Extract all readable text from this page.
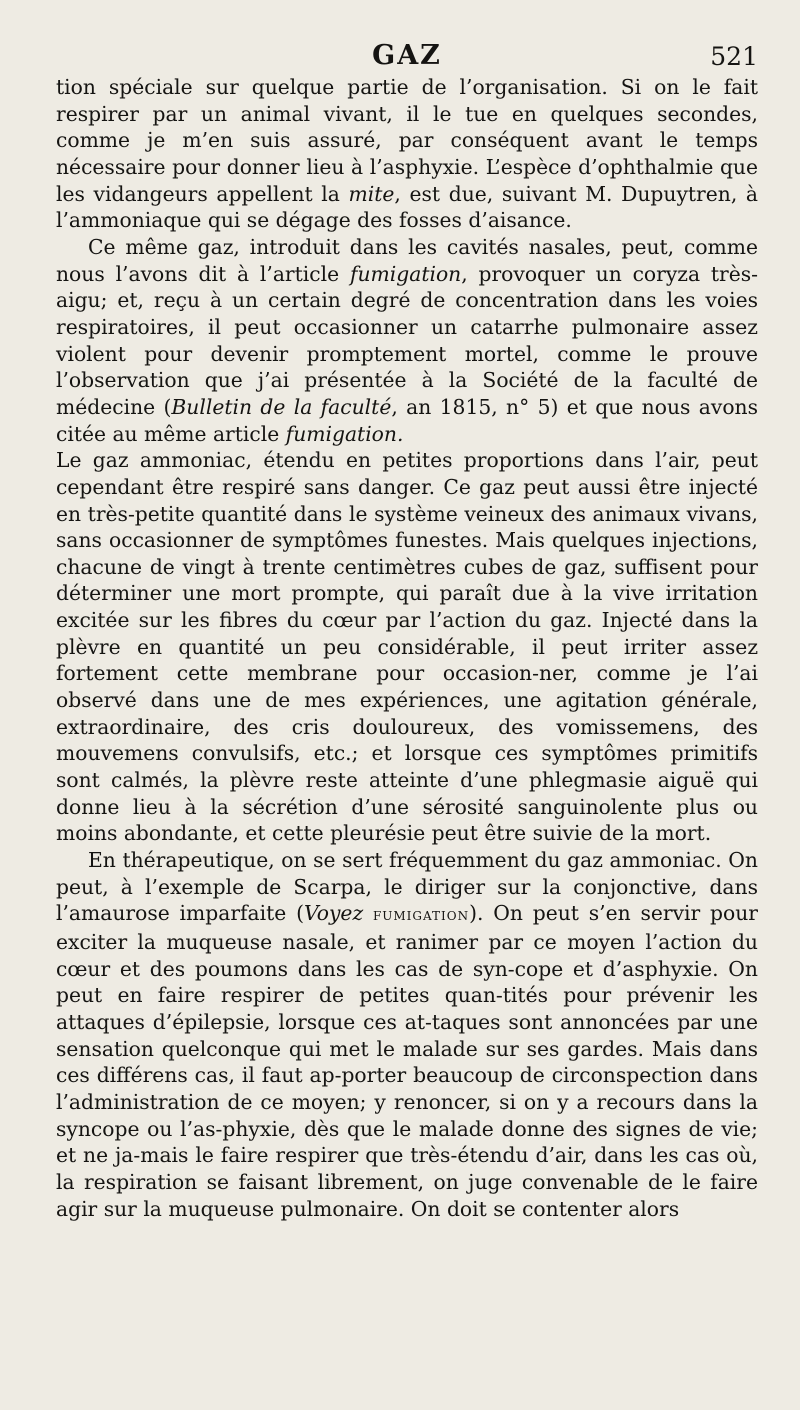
GAZ	521

tion spéciale sur quelque partie de l’organisation. Si on le fait respirer par un animal vivant, il le tue en quelques secondes, comme je m’en suis assuré, par conséquent avant le temps nécessaire pour donner lieu à l’asphyxie. L’espèce d’ophthalmie que les vidangeurs appellent la mite, est due, suivant M. Dupuytren, à l’ammoniaque qui se dégage des fosses d’aisance.

Ce même gaz, introduit dans les cavités nasales, peut, comme nous l’avons dit à l’article fumigation, provoquer un coryza très-aigu; et, reçu à un certain degré de concentration dans les voies respiratoires, il peut occasionner un catarrhe pulmonaire assez violent pour devenir promptement mortel, comme le prouve l’observation que j’ai présentée à la Société de la faculté de médecine (Bulletin de la faculté, an 1815, n° 5) et que nous avons citée au même article fumigation.

Le gaz ammoniac, étendu en petites proportions dans l’air, peut cependant être respiré sans danger. Ce gaz peut aussi être injecté en très-petite quantité dans le système veineux des animaux vivans, sans occasionner de symptômes funestes. Mais quelques injections, chacune de vingt à trente centimètres cubes de gaz, suffisent pour déterminer une mort prompte, qui paraît due à la vive irritation excitée sur les fibres du cœur par l’action du gaz. Injecté dans la plèvre en quantité un peu considérable, il peut irriter assez fortement cette membrane pour occasion-ner, comme je l’ai observé dans une de mes expériences, une agitation générale, extraordinaire, des cris douloureux, des vomissemens, des mouvemens convulsifs, etc.; et lorsque ces symptômes primitifs sont calmés, la plèvre reste atteinte d’une phlegmasie aiguë qui donne lieu à la sécrétion d’une sérosité sanguinolente plus ou moins abondante, et cette pleurésie peut être suivie de la mort.

En thérapeutique, on se sert fréquemment du gaz ammoniac. On peut, à l’exemple de Scarpa, le diriger sur la conjonctive, dans l’amaurose imparfaite (Voyez fumigation). On peut s’en servir pour exciter la muqueuse nasale, et ranimer par ce moyen l’action du cœur et des poumons dans les cas de syn-cope et d’asphyxie. On peut en faire respirer de petites quan-tités pour prévenir les attaques d’épilepsie, lorsque ces at-taques sont annoncées par une sensation quelconque qui met le malade sur ses gardes. Mais dans ces différens cas, il faut ap-porter beaucoup de circonspection dans l’administration de ce moyen; y renoncer, si on y a recours dans la syncope ou l’as-phyxie, dès que le malade donne des signes de vie; et ne ja-mais le faire respirer que très-étendu d’air, dans les cas où, la respiration se faisant librement, on juge convenable de le faire agir sur la muqueuse pulmonaire. On doit se contenter alors
